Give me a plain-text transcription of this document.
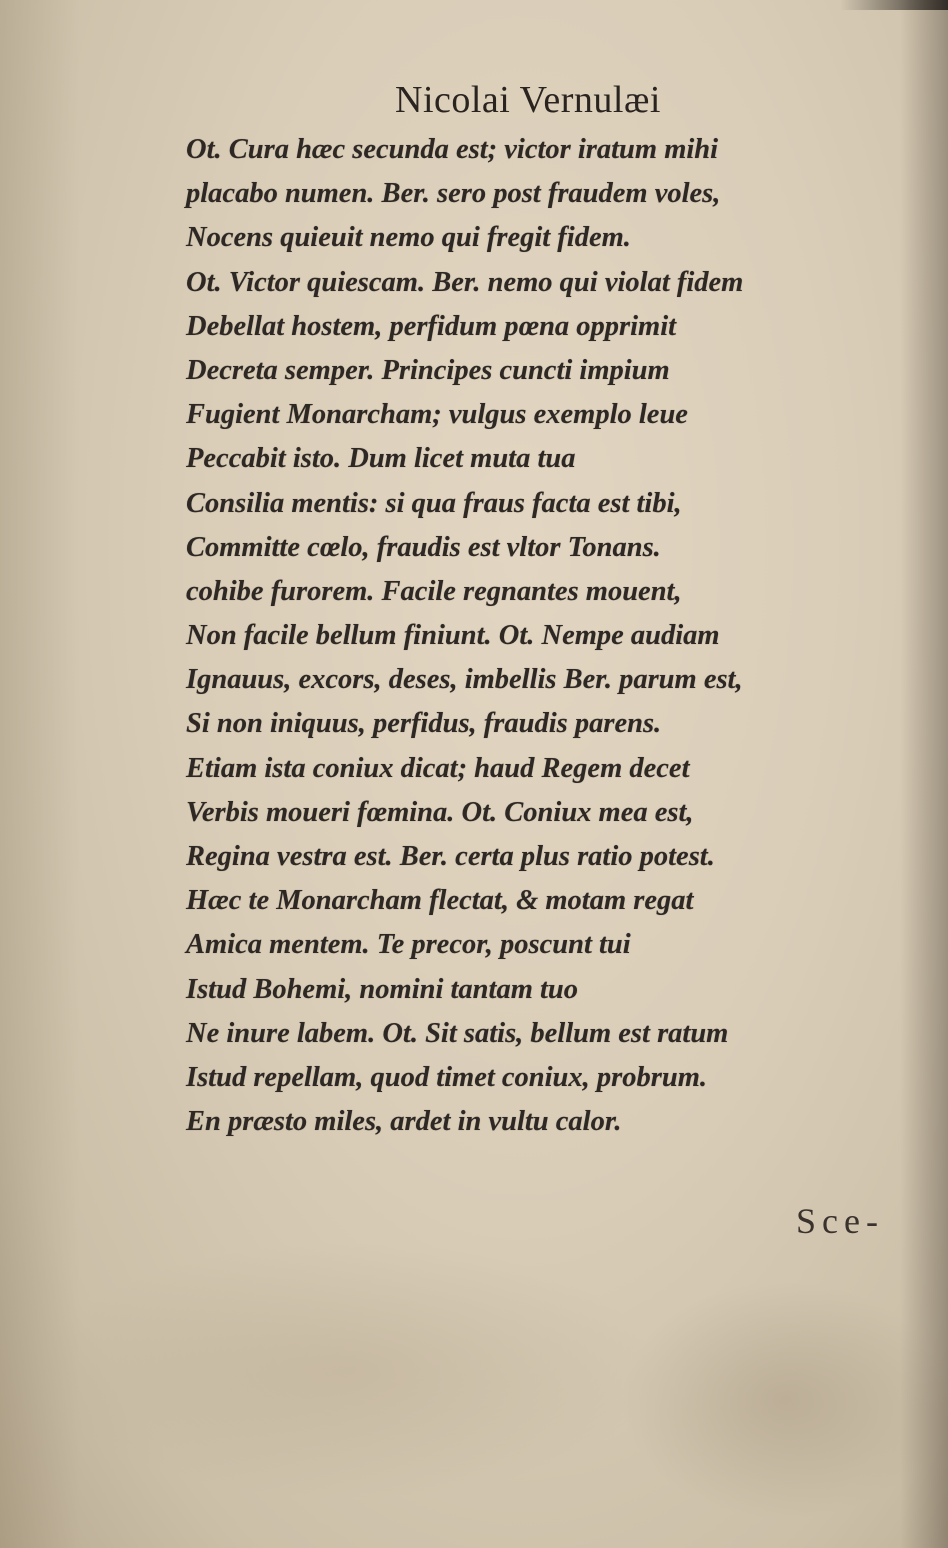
Nicolai Vernulæi
Ot. Cura hæc secunda est; victor iratum mihi
placabo numen. Ber. sero post fraudem voles,
Nocens quieuit nemo qui fregit fidem.
Ot. Victor quiescam. Ber. nemo qui violat fidem
Debellat hostem, perfidum pœna opprimit
Decreta semper. Principes cuncti impium
Fugient Monarcham; vulgus exemplo leue
Peccabit isto. Dum licet muta tua
Consilia mentis: si qua fraus facta est tibi,
Committe cœlo, fraudis est vltor Tonans.
cohibe furorem. Facile regnantes mouent,
Non facile bellum finiunt. Ot. Nempe audiam
Ignauus, excors, deses, imbellis Ber. parum est,
Si non iniquus, perfidus, fraudis parens.
Etiam ista coniux dicat; haud Regem decet
Verbis moueri fœmina. Ot. Coniux mea est,
Regina vestra est. Ber. certa plus ratio potest.
Hæc te Monarcham flectat, & motam regat
Amica mentem. Te precor, poscunt tui
Istud Bohemi, nomini tantam tuo
Ne inure labem. Ot. Sit satis, bellum est ratum
Istud repellam, quod timet coniux, probrum.
En præsto miles, ardet in vultu calor.
Sce-
